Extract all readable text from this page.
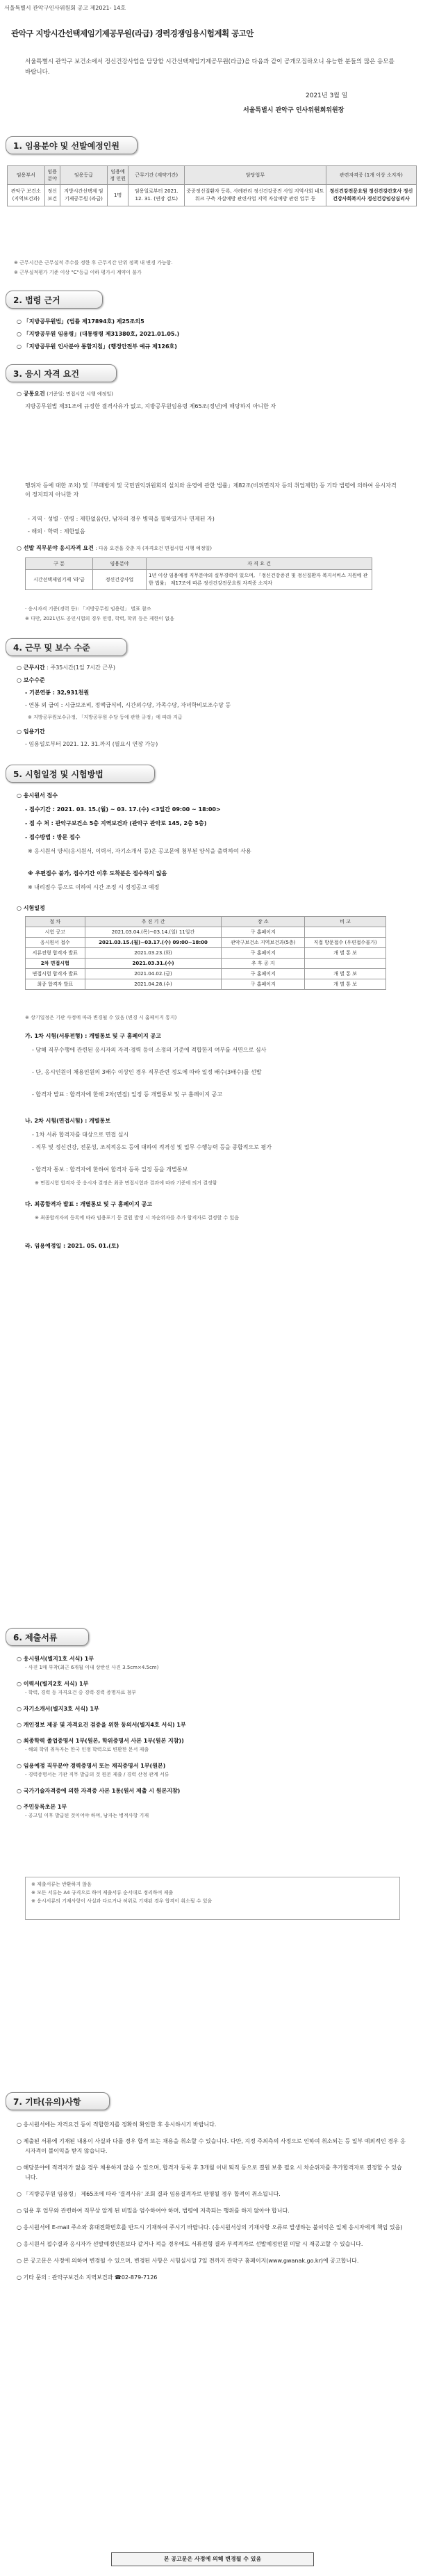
서울특별시 관악구인사위원회 공고 제2021- 14호
관악구 지방시간선택제임기제공무원(라급) 경력경쟁임용시험계획 공고안
서울특별시 관악구 보건소에서 정신건강사업을 담당할 시간선택제임기제공무원(라급)을 다음과 같이 공개모집하오니 유능한 분들의 많은 응모를 바랍니다.
2021년 3월 일
서울특별시 관악구 인사위원회위원장
1. 임용분야 및 선발예정인원
임용부서	임용분야	임용등급	임용예정 인원	근무기간 (계약기간)	담당업무	관련자격증 (1개 이상 소지자)
관악구 보건소 (지역보건과)	정신보건	지방시간선택제 임기제공무원 (라급)	1명	임용일로부터 2021. 12. 31. (연장 검토)	중증정신질환자 등록, 사례관리 정신건강증진 사업 지역사회 네트워크 구축 자살예방 관련사업 지역 자살예방 관련 업무 등	정신건강전문요원 정신건강간호사 정신건강사회복지사 정신건강임상심리사
※ 근무시간은 근무실적 주수를 정한 후 근무지간 단위 정책 내 변경 가능함.
※ 근무실적평가 기준 이상 "C"등급 이하 평가시 계약이 불가
2. 법령 근거
○ 「지방공무원법」(법률 제17894호) 제25조의5
○ 「지방공무원 임용령」(대통령령 제31380호, 2021.01.05.)
○ 「지방공무원 인사분야 통합지침」(행정안전부 예규 제126호)
3. 응시 자격 요건
○ 공통요건 (기준일: 면접시험 시행 예정일)
지방공무원법 제31조에 규정한 결격사유가 없고, 지방공무원임용령 제65조(정년)에 해당하지 아니한 자
행위자 등에 대한 조치) 및「부패방지 및 국민권익위원회의 설치와 운영에 관한 법률」제82조(비위면직자 등의 취업제한) 등 기타 법령에 의하여 응시자격이 정지되지 아니한 자
- 지역 · 성별 · 연령 : 제한없음(단, 남자의 경우 병역을 필하였거나 면제된 자)
- 해외 · 학력 : 제한없음
○ 선발 직무분야 응시자격 요건 : 다음 요건을 갖춘 자 (자격요건 면접시험 시행 예정일)
구 분	임용분야	자 격 요 건
시간선택제임기제 '라'급	정신건강사업	1년 이상 임용예정 직무분야의 실무경력이 있으며, 「정신건강증진 및 정신질환자 복지서비스 지원에 관한 법률」 제17조에 따른 정신건강전문요원 자격증 소지자
· 응시자격 기준(경력 등): 「지방공무원 임용령」 별표 참조
※ 다만, 2021년도 공인시험의 경우 연령, 학력, 학위 등은 제한이 없음
4. 근무 및 보수 수준
○ 근무시간 : 주35시간(1일 7시간 근무)
○ 보수수준
- 기본연봉 : 32,931천원
- 연봉 외 급여 : 시급보조비, 정액급식비, 시간외수당, 가족수당, 자녀학비보조수당 등
※ 지방공무원보수규정, 「지방공무원 수당 등에 관한 규정」에 따라 지급
○ 임용기간
- 임용일로부터 2021. 12. 31.까지 (필요시 연장 가능)
5. 시험일정 및 시험방법
○ 응시원서 접수
- 접수기간 : 2021. 03. 15.(월) ~ 03. 17.(수) <3일간 09:00 ~ 18:00>
- 접 수 처 : 관악구보건소 5층 지역보건과 (관악구 관악로 145, 2층 5층)
- 접수방법 : 방문 접수
※ 응시원서 양식(응시원서, 이력서, 자기소개서 등)은 공고문에 첨부된 양식을 출력하여 사용
※ 우편접수 불가, 접수기간 이후 도착분은 접수하지 않음
※ 내리점수 등으로 이하여 시간 조정 시 정정공고 예정
○ 시험일정
절 차	추 진 기 간	장 소	비 고
시험 공고	2021.03.04.(목)~03.14.(일) 11일간	구 홈페이지	
응시원서 접수	2021.03.15.(월)~03.17.(수) 09:00~18:00	관악구보건소 지역보건과(5층)	직접 방문접수 (우편접수불가)
서류전형 합격자 발표	2021.03.23.(화)	구 홈페이지	개 별 통 보
2차 면접시험	2021.03.31.(수)	추 후 공 지	
면접시험 합격자 발표	2021.04.02.(금)	구 홈페이지	개 별 통 보
최종 합격자 발표	2021.04.28.(수)	구 홈페이지	개 별 통 보
※ 상기일정은 기관 사정에 따라 변경될 수 있음 (변경 시 홈페이지 통지)
가. 1차 시험(서류전형) : 개별통보 및 구 홈페이지 공고
- 당해 직무수행에 관련된 응시자의 자격·경력 등이 소정의 기준에 적합한지 여부를 서면으로 심사
- 단, 응시인원이 채용인원의 3배수 이상인 경우 직무관련 정도에 따라 일정 배수(3배수)를 선발
- 합격자 발표 : 합격자에 한해 2차(면접) 일정 등 개별통보 및 구 홈페이지 공고
나. 2차 시험(면접시험) : 개별통보
- 1차 서류 합격자를 대상으로 면접 실시
- 직무 및 정신건강, 전문성, 조직적응도 등에 대하여 적격성 및 업무 수행능력 등을 종합적으로 평가
- 합격자 통보 : 합격자에 한하여 합격자 등록 일정 등을 개별통보
※ 면접시험 합격자 중 응시자 결정은 최종 면접시험과 결과에 따라 기준에 의거 결정함
다. 최종합격자 발표 : 개별통보 및 구 홈페이지 공고
※ 최종합격자의 등록에 따라 임용포기 등 결원 발생 시 차순위자를 추가 합격자로 결정할 수 있음
라. 임용예정일 : 2021. 05. 01.(토)
6. 제출서류
○ 응시원서(별지1호 서식) 1부
- 사진 1매 부착(최근 6개월 이내 상반신 사진 3.5cm×4.5cm)
○ 이력서(별지2호 서식) 1부
- 학력, 경력 등 자격요건 중 경력·경력 증명자료 첨부
○ 자기소개서(별지3호 서식) 1부
○ 개인정보 제공 및 자격요건 검증을 위한 동의서(별지4호 서식) 1부
○ 최종학력 졸업증명서 1부(원본, 학위증명서 사본 1부(원본 지참))
- 해외 학위 취득자는 한국 인정 학력으로 변환한 문서 제출
○ 임용예정 직무분야 경력증명서 또는 재직증명서 1부(원본)
- 경력증명서는 기관 직무 발급의 것 원본 제출 / 경력 산정 관계 서류
○ 국가기술자격증에 의한 자격증 사본 1통(원서 제출 시 원본지참)
○ 주민등록초본 1부
- 공고일 이후 발급된 것이어야 하며, 남자는 병적사항 기재
※ 제출서류는 반환하지 않음
※ 모든 서류는 A4 규격으로 하여 제출서류 순서대로 정리하여 제출
※ 응시서류의 기재사항이 사실과 다르거나 허위로 기재된 경우 합격이 취소될 수 있음
7. 기타(유의)사항
○ 응시원서에는 자격요건 등이 적합한지를 정확히 확인한 후 응시하시기 바랍니다.
○ 제출된 서류에 기재된 내용이 사실과 다를 경우 합격 또는 채용을 취소할 수 있습니다. 다만, 지정 주최측의 사정으로 인하여 취소되는 등 일부 예외적인 경우 응시자격이 불이익을 받지 않습니다.
○ 해당분야에 적격자가 없을 경우 채용하지 않을 수 있으며, 합격자 등록 후 3개월 이내 퇴직 등으로 결원 보충 필요 시 차순위자를 추가합격자로 결정할 수 있습니다.
○ 「지방공무원 임용령」 제65조에 따라 '결격사유' 조회 결과 임용결격자로 판명될 경우 합격이 취소됩니다.
○ 임용 후 업무와 관련하여 직무상 알게 된 비밀을 엄수하여야 하며, 법령에 저촉되는 행위를 하지 않아야 합니다.
○ 응시원서에 E-mail 주소와 휴대전화번호를 반드시 기재하여 주시기 바랍니다. (응시원서상의 기재사항 오류로 발생하는 불이익은 일체 응시자에게 책임 있음)
○ 응시원서 접수결과 응시자가 선발예정인원보다 같거나 적을 경우에도 서류전형 결과 부적격자로 선발예정인원 미달 시 재공고할 수 있습니다.
○ 본 공고문은 사정에 의하여 변경될 수 있으며, 변경된 사항은 시험실시일 7일 전까지 관악구 홈페이지(www.gwanak.go.kr)에 공고합니다.
○ 기타 문의 : 관악구보건소 지역보건과 ☎02-879-7126
본 공고문은 사정에 의해 변경될 수 있음
